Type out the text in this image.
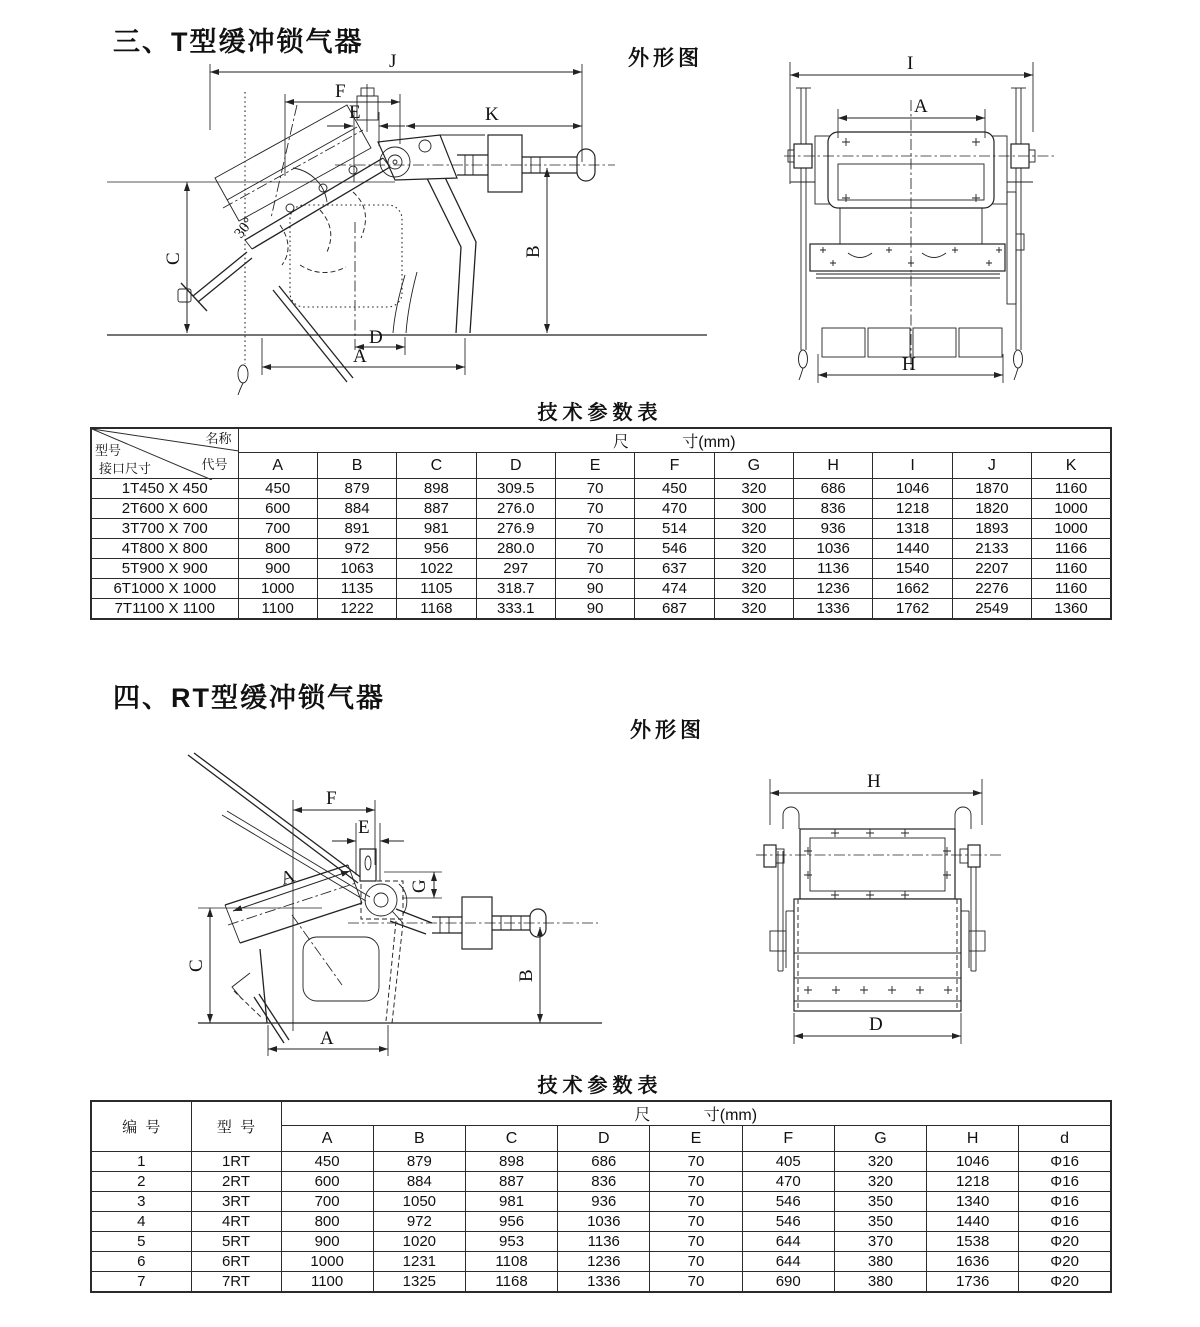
三、T型缓冲锁气器
外形图
J
F
E	K
C
B
D
A
30°
I
A
H
技术参数表
名称
型号
接口尺寸 代号	尺            寸(mm)										
	A	B	C	D	E	F	G	H	I	J	K
1T450 X 450	450	879	898	309.5	70	450	320	686	1046	1870	1160
2T600 X 600	600	884	887	276.0	70	470	300	836	1218	1820	1000
3T700 X 700	700	891	981	276.9	70	514	320	936	1318	1893	1000
4T800 X 800	800	972	956	280.0	70	546	320	1036	1440	2133	1166
5T900 X 900	900	1063	1022	297	70	637	320	1136	1540	2207	1160
6T1000 X 1000	1000	1135	1105	318.7	90	474	320	1236	1662	2276	1160
7T1100 X 1100	1100	1222	1168	333.1	90	687	320	1336	1762	2549	1360
四、RT型缓冲锁气器
外形图
F
E
G
A
C
B
A
H
D
技术参数表
编  号	型  号	尺            寸(mm)								
		A	B	C	D	E	F	G	H	d
1	1RT	450	879	898	686	70	405	320	1046	Φ16
2	2RT	600	884	887	836	70	470	320	1218	Φ16
3	3RT	700	1050	981	936	70	546	350	1340	Φ16
4	4RT	800	972	956	1036	70	546	350	1440	Φ16
5	5RT	900	1020	953	1136	70	644	370	1538	Φ20
6	6RT	1000	1231	1108	1236	70	644	380	1636	Φ20
7	7RT	1100	1325	1168	1336	70	690	380	1736	Φ20
